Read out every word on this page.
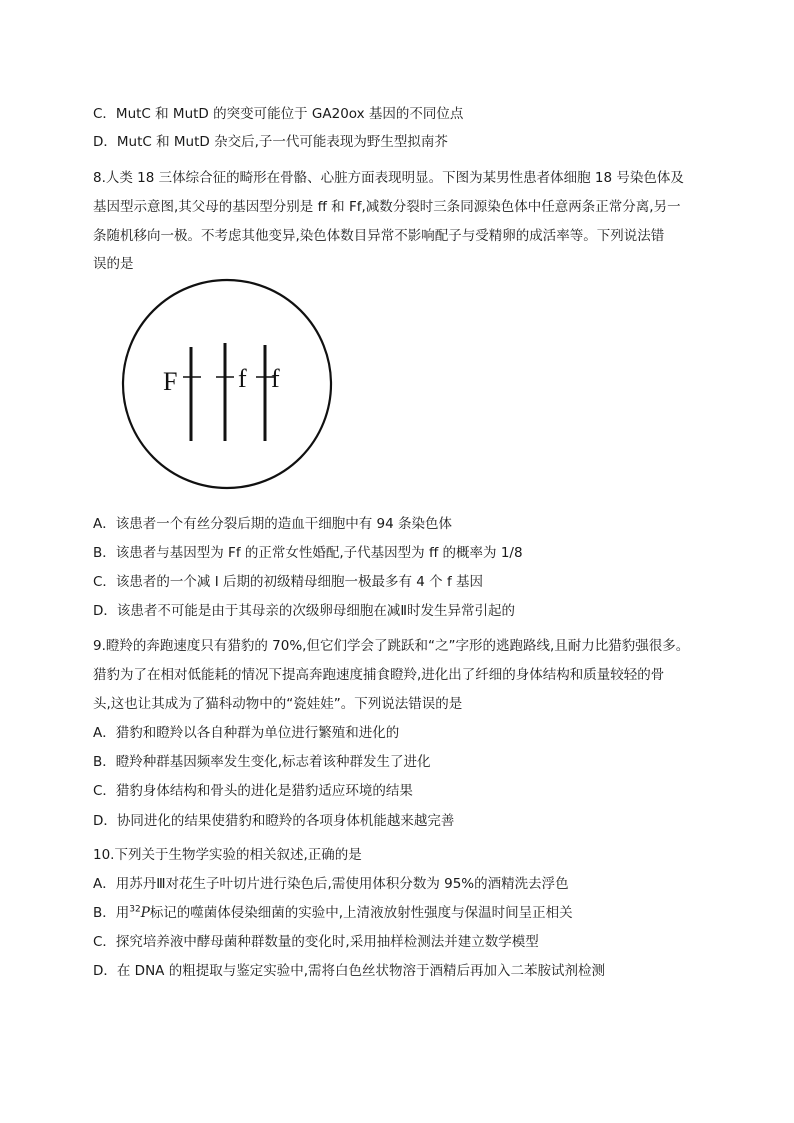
C．MutC 和 MutD 的突变可能位于 GA20ox 基因的不同位点
D．MutC 和 MutD 杂交后,子一代可能表现为野生型拟南芥
8.人类 18 三体综合征的畸形在骨骼、心脏方面表现明显。下图为某男性患者体细胞 18 号染色体及
基因型示意图,其父母的基因型分别是 ff 和 Ff,减数分裂时三条同源染色体中任意两条正常分离,另一
条随机移向一极。不考虑其他变异,染色体数目异常不影响配子与受精卵的成活率等。下列说法错
误的是
F f f
A．该患者一个有丝分裂后期的造血干细胞中有 94 条染色体
B．该患者与基因型为 Ff 的正常女性婚配,子代基因型为 ff 的概率为 1/8
C．该患者的一个减 I 后期的初级精母细胞一极最多有 4 个 f 基因
D．该患者不可能是由于其母亲的次级卵母细胞在减Ⅱ时发生异常引起的
9.瞪羚的奔跑速度只有猎豹的 70%,但它们学会了跳跃和“之”字形的逃跑路线,且耐力比猎豹强很多。
猎豹为了在相对低能耗的情况下提高奔跑速度捕食瞪羚,进化出了纤细的身体结构和质量较轻的骨
头,这也让其成为了猫科动物中的“瓷娃娃”。下列说法错误的是
A．猎豹和瞪羚以各自种群为单位进行繁殖和进化的
B．瞪羚种群基因频率发生变化,标志着该种群发生了进化
C．猎豹身体结构和骨头的进化是猎豹适应环境的结果
D．协同进化的结果使猎豹和瞪羚的各项身体机能越来越完善
10.下列关于生物学实验的相关叙述,正确的是
A．用苏丹Ⅲ对花生子叶切片进行染色后,需使用体积分数为 95%的酒精洗去浮色
B．用$^{32}$P标记的噬菌体侵染细菌的实验中,上清液放射性强度与保温时间呈正相关
C．探究培养液中酵母菌种群数量的变化时,采用抽样检测法并建立数学模型
D．在 DNA 的粗提取与鉴定实验中,需将白色丝状物溶于酒精后再加入二苯胺试剂检测
